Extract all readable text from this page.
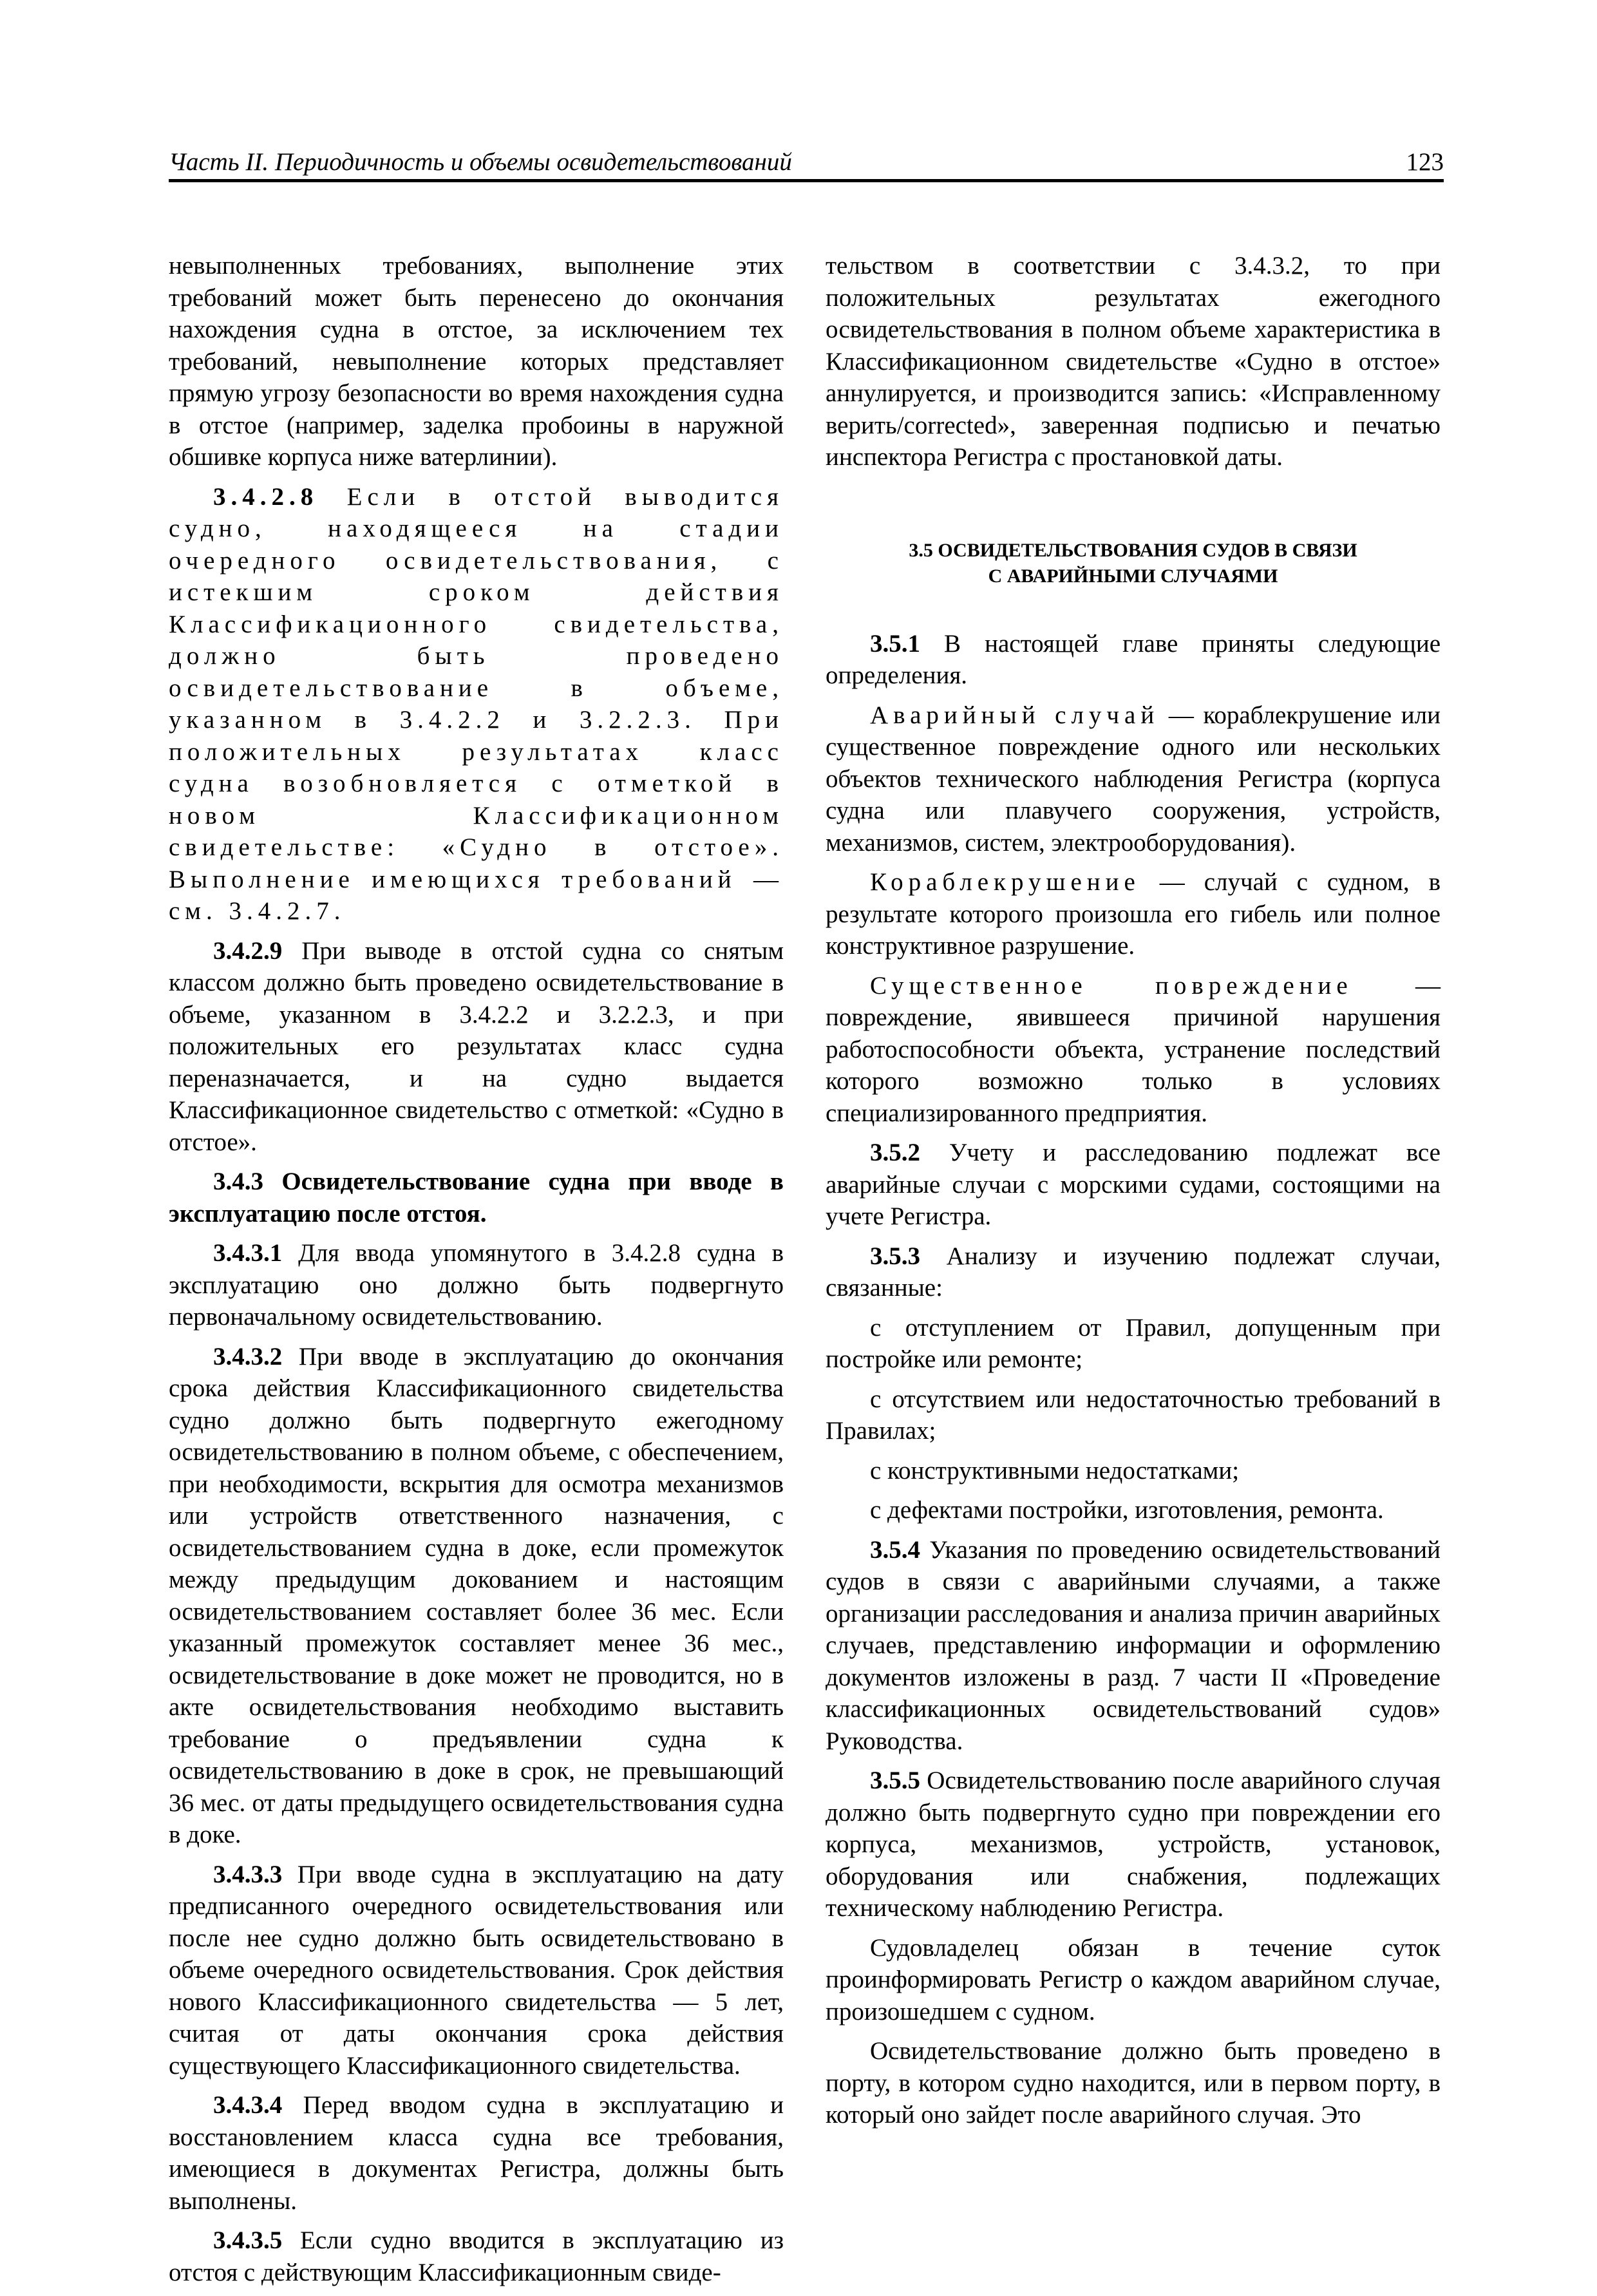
Часть II. Периодичность и объемы освидетельствований	123

невыполненных требованиях, выполнение этих требований может быть перенесено до окончания нахождения судна в отстое, за исключением тех требований, невыполнение которых представляет прямую угрозу безопасности во время нахождения судна в отстое (например, заделка пробоины в наружной обшивке корпуса ниже ватерлинии).

3.4.2.8 Если в отстой выводится судно, находящееся на стадии очередного освидетельствования, с истекшим сроком действия Классификационного свидетельства, должно быть проведено освидетельствование в объеме, указанном в 3.4.2.2 и 3.2.2.3. При положительных результатах класс судна возобновляется с отметкой в новом Классификационном свидетельстве: «Судно в отстое». Выполнение имеющихся требований — см. 3.4.2.7.

3.4.2.9 При выводе в отстой судна со снятым классом должно быть проведено освидетельствование в объеме, указанном в 3.4.2.2 и 3.2.2.3, и при положительных его результатах класс судна переназначается, и на судно выдается Классификационное свидетельство с отметкой: «Судно в отстое».

3.4.3 Освидетельствование судна при вводе в эксплуатацию после отстоя.

3.4.3.1 Для ввода упомянутого в 3.4.2.8 судна в эксплуатацию оно должно быть подвергнуто первоначальному освидетельствованию.

3.4.3.2 При вводе в эксплуатацию до окончания срока действия Классификационного свидетельства судно должно быть подвергнуто ежегодному освидетельствованию в полном объеме, с обеспечением, при необходимости, вскрытия для осмотра механизмов или устройств ответственного назначения, с освидетельствованием судна в доке, если промежуток между предыдущим докованием и настоящим освидетельствованием составляет более 36 мес. Если указанный промежуток составляет менее 36 мес., освидетельствование в доке может не проводится, но в акте освидетельствования необходимо выставить требование о предъявлении судна к освидетельствованию в доке в срок, не превышающий 36 мес. от даты предыдущего освидетельствования судна в доке.

3.4.3.3 При вводе судна в эксплуатацию на дату предписанного очередного освидетельствования или после нее судно должно быть освидетельствовано в объеме очередного освидетельствования. Срок действия нового Классификационного свидетельства — 5 лет, считая от даты окончания срока действия существующего Классификационного свидетельства.

3.4.3.4 Перед вводом судна в эксплуатацию и восстановлением класса судна все требования, имеющиеся в документах Регистра, должны быть выполнены.

3.4.3.5 Если судно вводится в эксплуатацию из отстоя с действующим Классификационным свиде-

тельством в соответствии с 3.4.3.2, то при положительных результатах ежегодного освидетельствования в полном объеме характеристика в Классификационном свидетельстве «Судно в отстое» аннулируется, и производится запись: «Исправленному верить/corrected», заверенная подписью и печатью инспектора Регистра с простановкой даты.

3.5 ОСВИДЕТЕЛЬСТВОВАНИЯ СУДОВ В СВЯЗИ
С АВАРИЙНЫМИ СЛУЧАЯМИ

3.5.1 В настоящей главе приняты следующие определения.

Аварийный случай — кораблекрушение или существенное повреждение одного или нескольких объектов технического наблюдения Регистра (корпуса судна или плавучего сооружения, устройств, механизмов, систем, электрооборудования).

Кораблекрушение — случай с судном, в результате которого произошла его гибель или полное конструктивное разрушение.

Существенное повреждение — повреждение, явившееся причиной нарушения работоспособности объекта, устранение последствий которого возможно только в условиях специализированного предприятия.

3.5.2 Учету и расследованию подлежат все аварийные случаи с морскими судами, состоящими на учете Регистра.

3.5.3 Анализу и изучению подлежат случаи, связанные:

с отступлением от Правил, допущенным при постройке или ремонте;

с отсутствием или недостаточностью требований в Правилах;

с конструктивными недостатками;

с дефектами постройки, изготовления, ремонта.

3.5.4 Указания по проведению освидетельствований судов в связи с аварийными случаями, а также организации расследования и анализа причин аварийных случаев, представлению информации и оформлению документов изложены в разд. 7 части II «Проведение классификационных освидетельствований судов» Руководства.

3.5.5 Освидетельствованию после аварийного случая должно быть подвергнуто судно при повреждении его корпуса, механизмов, устройств, установок, оборудования или снабжения, подлежащих техническому наблюдению Регистра.

Судовладелец обязан в течение суток проинформировать Регистр о каждом аварийном случае, произошедшем с судном.

Освидетельствование должно быть проведено в порту, в котором судно находится, или в первом порту, в который оно зайдет после аварийного случая. Это
